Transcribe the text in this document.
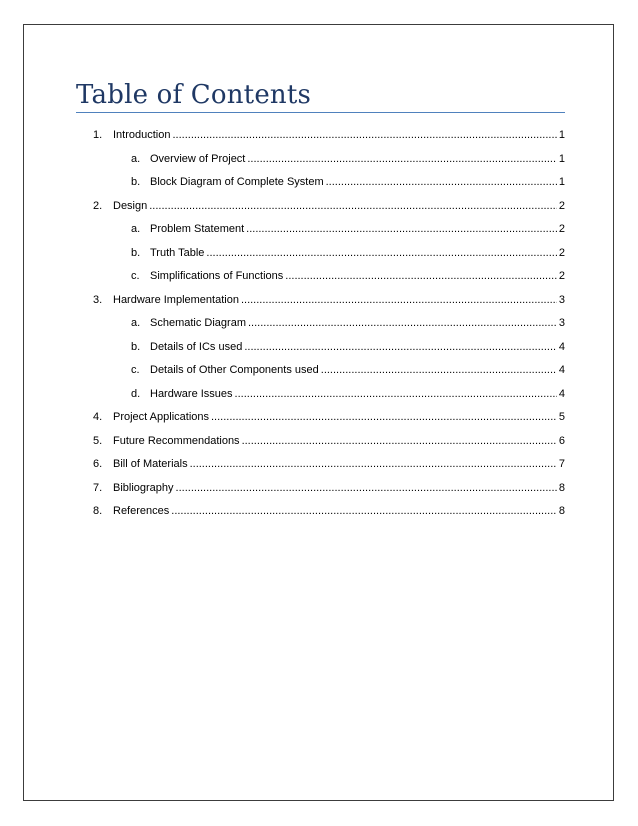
Table of Contents
1. Introduction .....	1
a. Overview of Project .....	1
b. Block Diagram of Complete System .....	1
2. Design .....	2
a. Problem Statement .....	2
b. Truth Table .....	2
c. Simplifications of Functions .....	2
3. Hardware Implementation .....	3
a. Schematic Diagram .....	3
b. Details of ICs used .....	4
c. Details of Other Components used .....	4
d. Hardware Issues .....	4
4. Project Applications .....	5
5. Future Recommendations .....	6
6. Bill of Materials .....	7
7. Bibliography .....	8
8. References .....	8
